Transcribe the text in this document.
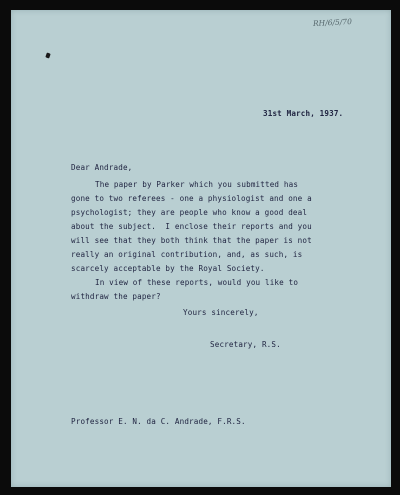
RH/6/5/70
31st March, 1937.
Dear Andrade,
The paper by Parker which you submitted has
gone to two referees - one a physiologist and one a
psychologist; they are people who know a good deal
about the subject.  I enclose their reports and you
will see that they both think that the paper is not
really an original contribution, and, as such, is
scarcely acceptable by the Royal Society.
In view of these reports, would you like to
withdraw the paper?
Yours sincerely,
Secretary, R.S.
Professor E. N. da C. Andrade, F.R.S.
